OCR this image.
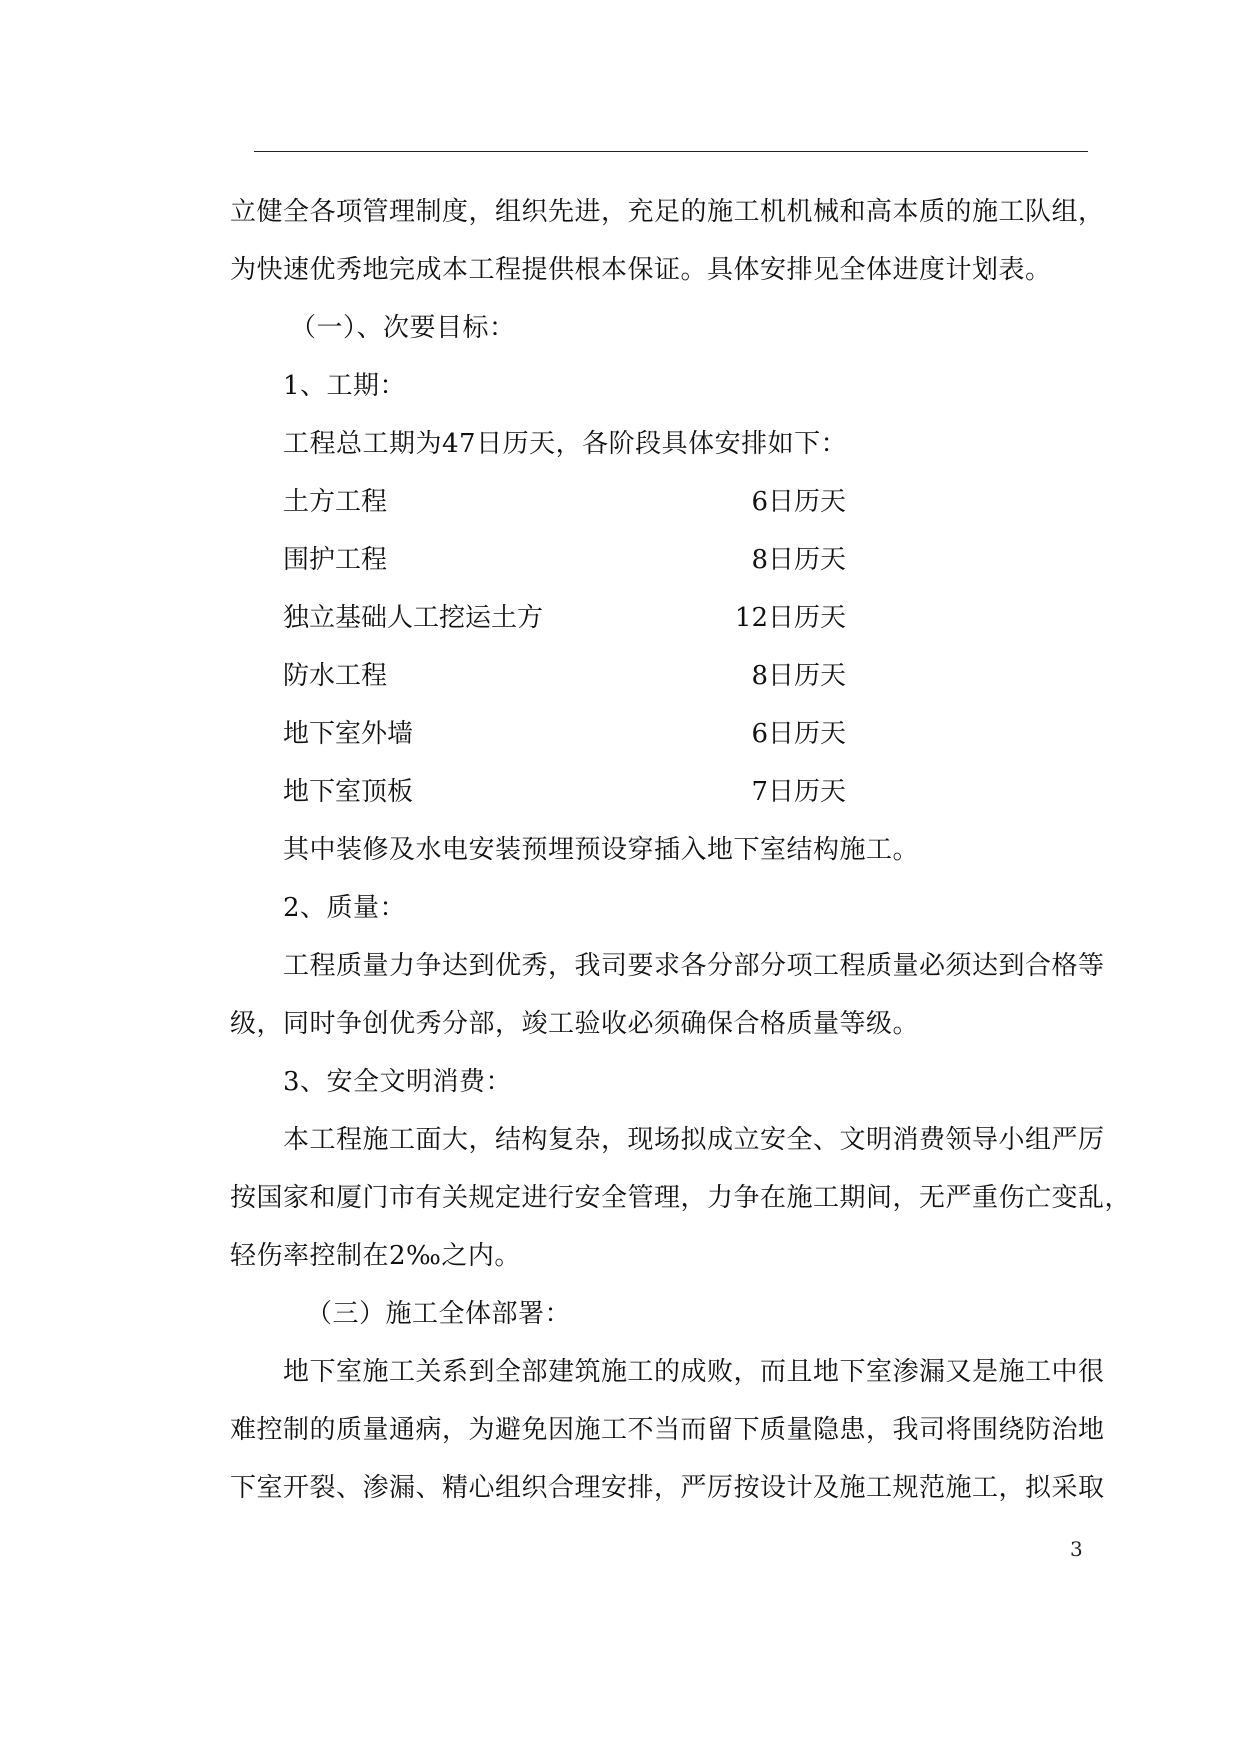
立健全各项管理制度，组织先进，充足的施工机机械和高本质的施工队组，
为快速优秀地完成本工程提供根本保证。具体安排见全体进度计划表。
（一）、次要目标：
1、工期：
工程总工期为47日历天，各阶段具体安排如下：
土方工程	6日历天
围护工程	8日历天
独立基础人工挖运土方	12日历天
防水工程	8日历天
地下室外墙	6日历天
地下室顶板	7日历天
其中装修及水电安装预埋预设穿插入地下室结构施工。
2、质量：
工程质量力争达到优秀，我司要求各分部分项工程质量必须达到合格等
级，同时争创优秀分部，竣工验收必须确保合格质量等级。
3、安全文明消费：
本工程施工面大，结构复杂，现场拟成立安全、文明消费领导小组严厉
按国家和厦门市有关规定进行安全管理，力争在施工期间，无严重伤亡变乱，
轻伤率控制在2‰之内。
（三）施工全体部署：
地下室施工关系到全部建筑施工的成败，而且地下室渗漏又是施工中很
难控制的质量通病，为避免因施工不当而留下质量隐患，我司将围绕防治地
下室开裂、渗漏、精心组织合理安排，严厉按设计及施工规范施工，拟采取
3
